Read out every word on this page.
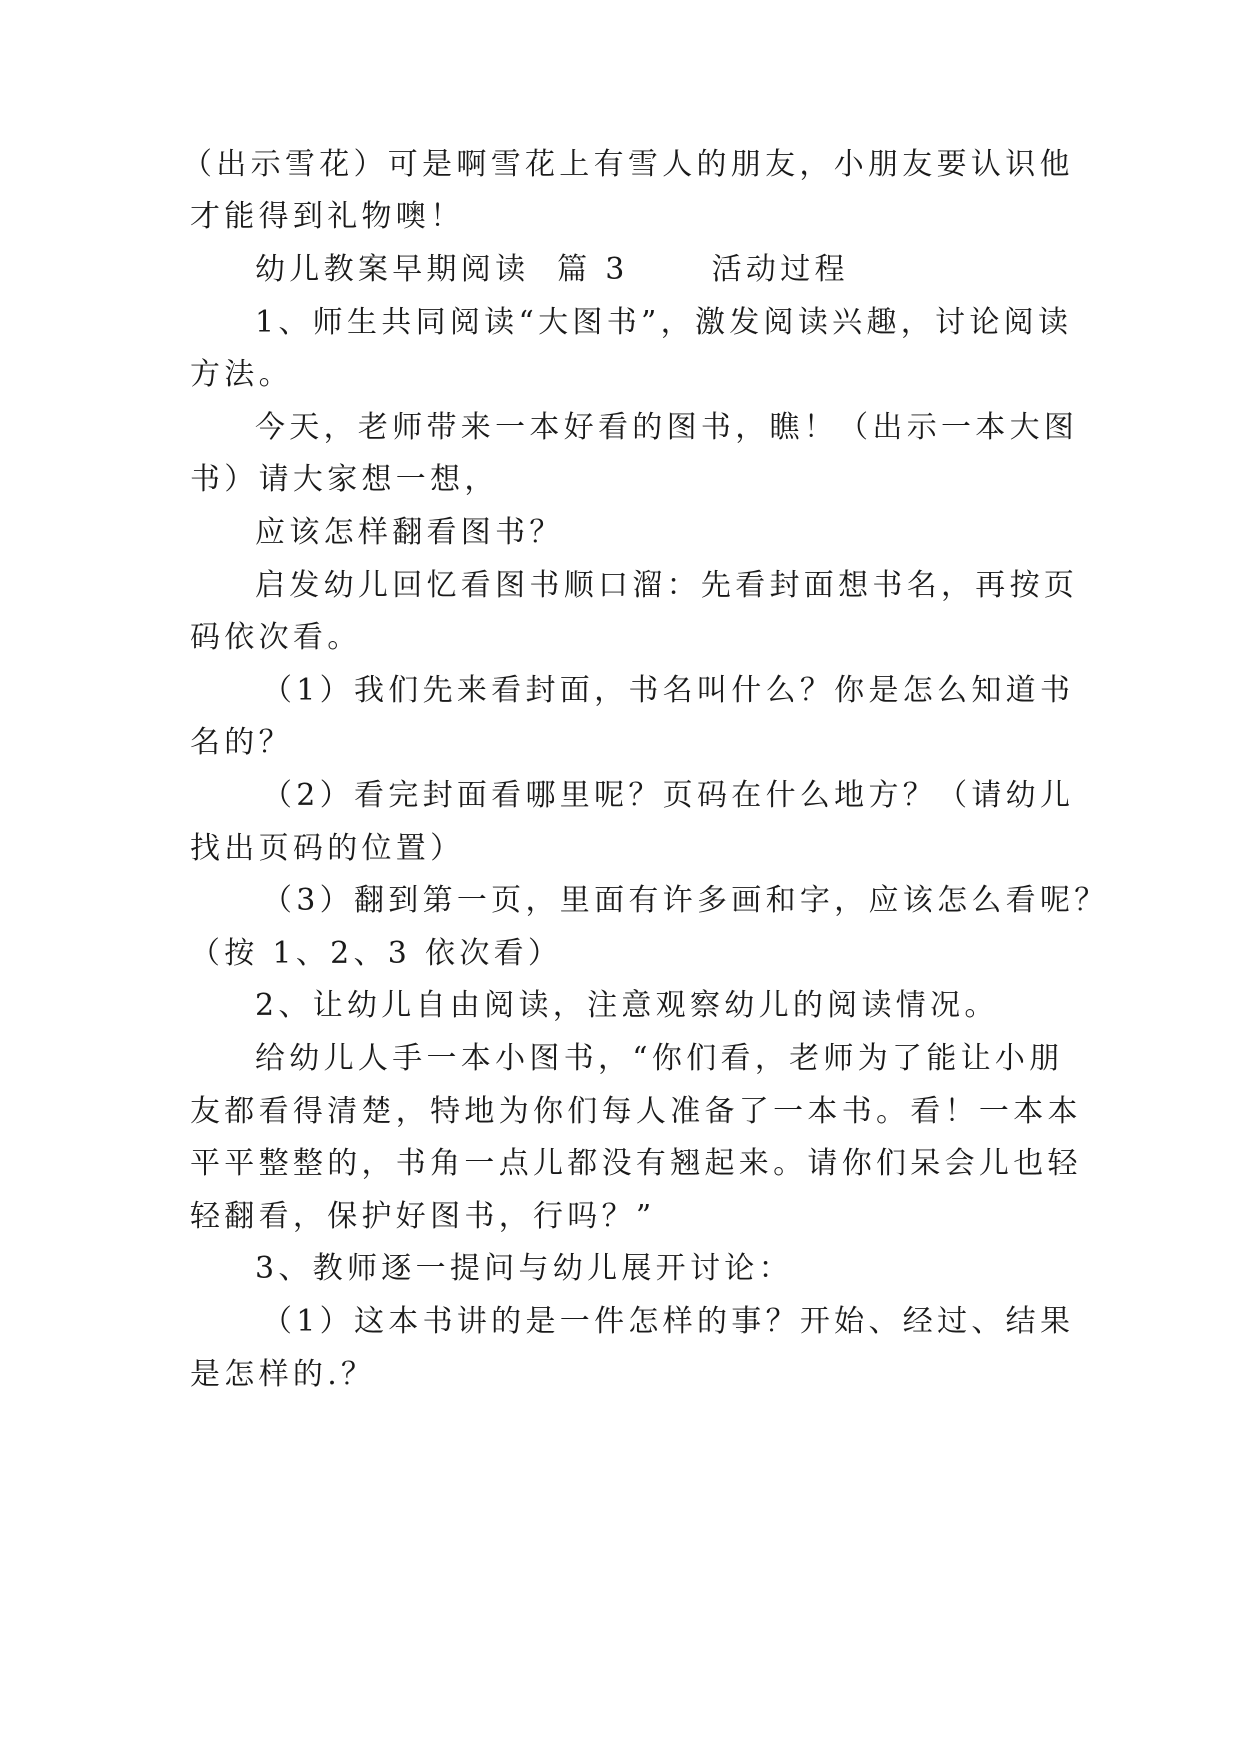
（出示雪花）可是啊雪花上有雪人的朋友，小朋友要认识他
才能得到礼物噢！
幼儿教案早期阅读  篇 3      活动过程
1、师生共同阅读“大图书”，激发阅读兴趣，讨论阅读
方法。
今天，老师带来一本好看的图书，瞧！（出示一本大图
书）请大家想一想，
应该怎样翻看图书？
启发幼儿回忆看图书顺口溜：先看封面想书名，再按页
码依次看。
（1）我们先来看封面，书名叫什么？你是怎么知道书
名的？
（2）看完封面看哪里呢？页码在什么地方？（请幼儿
找出页码的位置）
（3）翻到第一页，里面有许多画和字，应该怎么看呢？
（按 1、2、3 依次看）
2、让幼儿自由阅读，注意观察幼儿的阅读情况。
给幼儿人手一本小图书，“你们看，老师为了能让小朋
友都看得清楚，特地为你们每人准备了一本书。看！一本本
平平整整的，书角一点儿都没有翘起来。请你们呆会儿也轻
轻翻看，保护好图书，行吗？”
3、教师逐一提问与幼儿展开讨论：
（1）这本书讲的是一件怎样的事？开始、经过、结果
是怎样的.？
